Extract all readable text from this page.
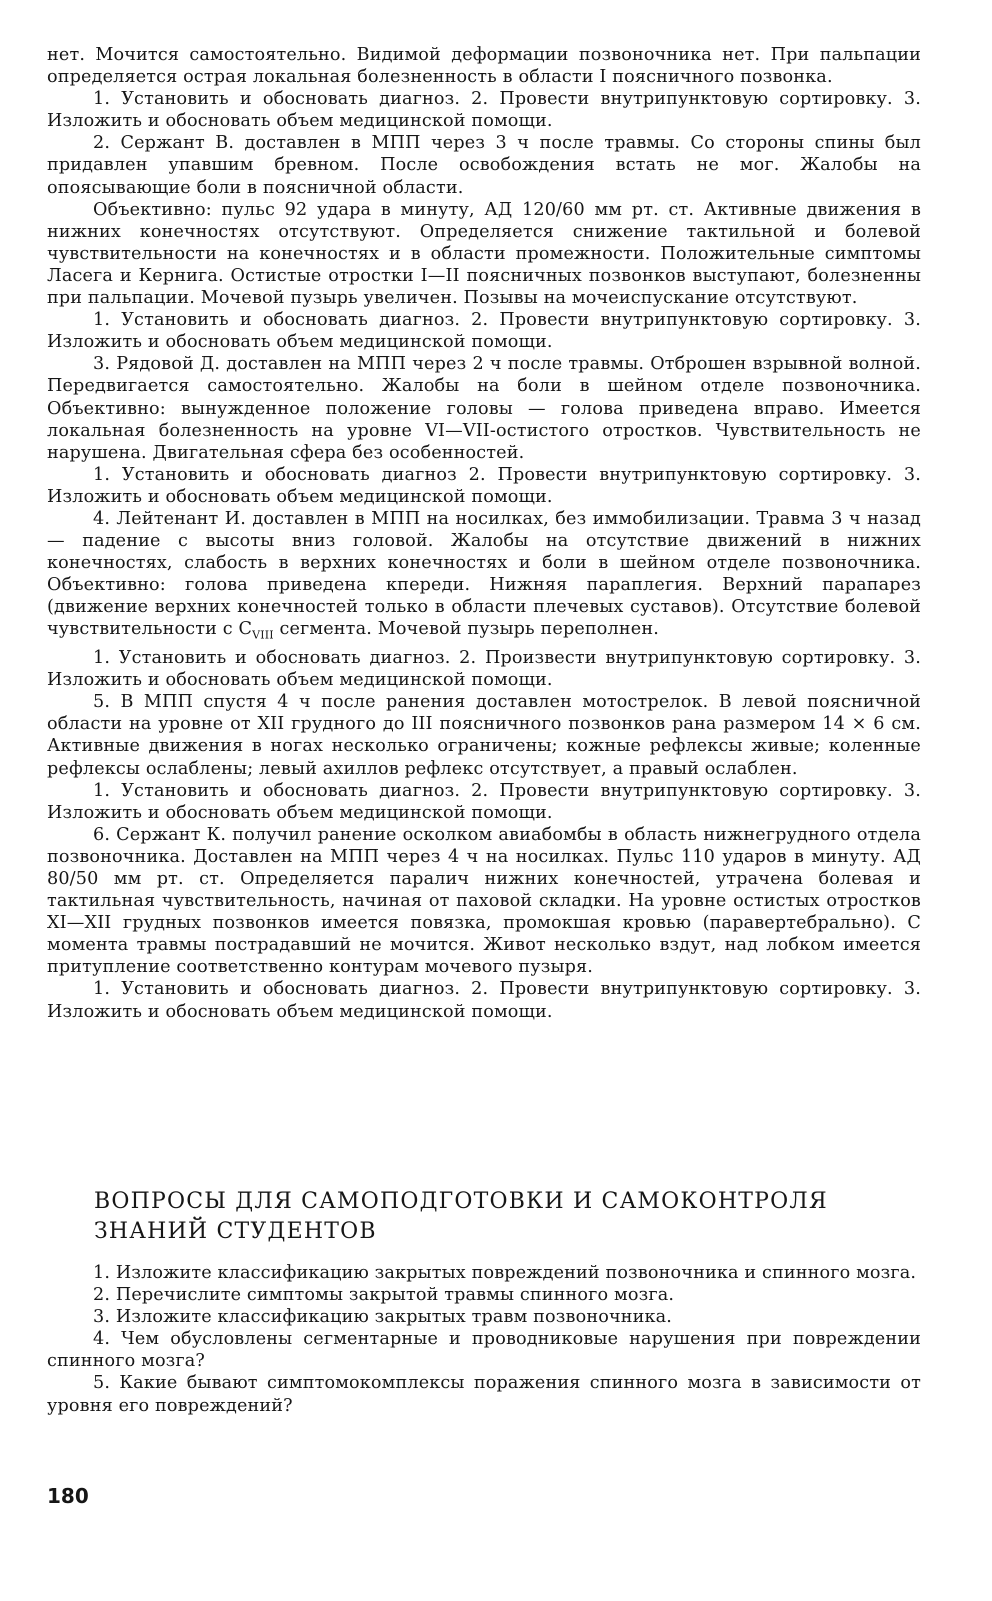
нет. Мочится самостоятельно. Видимой деформации позвоночника нет. При пальпации определяется острая локальная болезненность в области I поясничного позвонка.

1. Установить и обосновать диагноз. 2. Провести внутрипунктовую сортировку. 3. Изложить и обосновать объем медицинской помощи.

2. Сержант В. доставлен в МПП через 3 ч после травмы. Со стороны спины был придавлен упавшим бревном. После освобождения встать не мог. Жалобы на опоясывающие боли в поясничной области.

Объективно: пульс 92 удара в минуту, АД 120/60 мм рт. ст. Активные движения в нижних конечностях отсутствуют. Определяется снижение тактильной и болевой чувствительности на конечностях и в области промежности. Положительные симптомы Ласега и Кернига. Остистые отростки I—II поясничных позвонков выступают, болезненны при пальпации. Мочевой пузырь увеличен. Позывы на мочеиспускание отсутствуют.

1. Установить и обосновать диагноз. 2. Провести внутрипунктовую сортировку. 3. Изложить и обосновать объем медицинской помощи.

3. Рядовой Д. доставлен на МПП через 2 ч после травмы. Отброшен взрывной волной. Передвигается самостоятельно. Жалобы на боли в шейном отделе позвоночника. Объективно: вынужденное положение головы — голова приведена вправо. Имеется локальная болезненность на уровне VI—VII-остистого отростков. Чувствительность не нарушена. Двигательная сфера без особенностей.

1. Установить и обосновать диагноз 2. Провести внутрипунктовую сортировку. 3. Изложить и обосновать объем медицинской помощи.

4. Лейтенант И. доставлен в МПП на носилках, без иммобилизации. Травма 3 ч назад — падение с высоты вниз головой. Жалобы на отсутствие движений в нижних конечностях, слабость в верхних конечностях и боли в шейном отделе позвоночника. Объективно: голова приведена кпереди. Нижняя параплегия. Верхний парапарез (движение верхних конечностей только в области плечевых суставов). Отсутствие болевой чувствительности с $C_{VIII}$ сегмента. Мочевой пузырь переполнен.

1. Установить и обосновать диагноз. 2. Произвести внутрипунктовую сортировку. 3. Изложить и обосновать объем медицинской помощи.

5. В МПП спустя 4 ч после ранения доставлен мотострелок. В левой поясничной области на уровне от XII грудного до III поясничного позвонков рана размером 14 × 6 см. Активные движения в ногах несколько ограничены; кожные рефлексы живые; коленные рефлексы ослаблены; левый ахиллов рефлекс отсутствует, а правый ослаблен.

1. Установить и обосновать диагноз. 2. Провести внутрипунктовую сортировку. 3. Изложить и обосновать объем медицинской помощи.

6. Сержант К. получил ранение осколком авиабомбы в область нижнегрудного отдела позвоночника. Доставлен на МПП через 4 ч на носилках. Пульс 110 ударов в минуту. АД 80/50 мм рт. ст. Определяется паралич нижних конечностей, утрачена болевая и тактильная чувствительность, начиная от паховой складки. На уровне остистых отростков XI—XII грудных позвонков имеется повязка, промокшая кровью (паравертебрально). С момента травмы пострадавший не мочится. Живот несколько вздут, над лобком имеется притупление соответственно контурам мочевого пузыря.

1. Установить и обосновать диагноз. 2. Провести внутрипунктовую сортировку. 3. Изложить и обосновать объем медицинской помощи.

ВОПРОСЫ ДЛЯ САМОПОДГОТОВКИ И САМОКОНТРОЛЯ ЗНАНИЙ СТУДЕНТОВ

1. Изложите классификацию закрытых повреждений позвоночника и спинного мозга.

2. Перечислите симптомы закрытой травмы спинного мозга.

3. Изложите классификацию закрытых травм позвоночника.

4. Чем обусловлены сегментарные и проводниковые нарушения при повреждении спинного мозга?

5. Какие бывают симптомокомплексы поражения спинного мозга в зависимости от уровня его повреждений?

180
